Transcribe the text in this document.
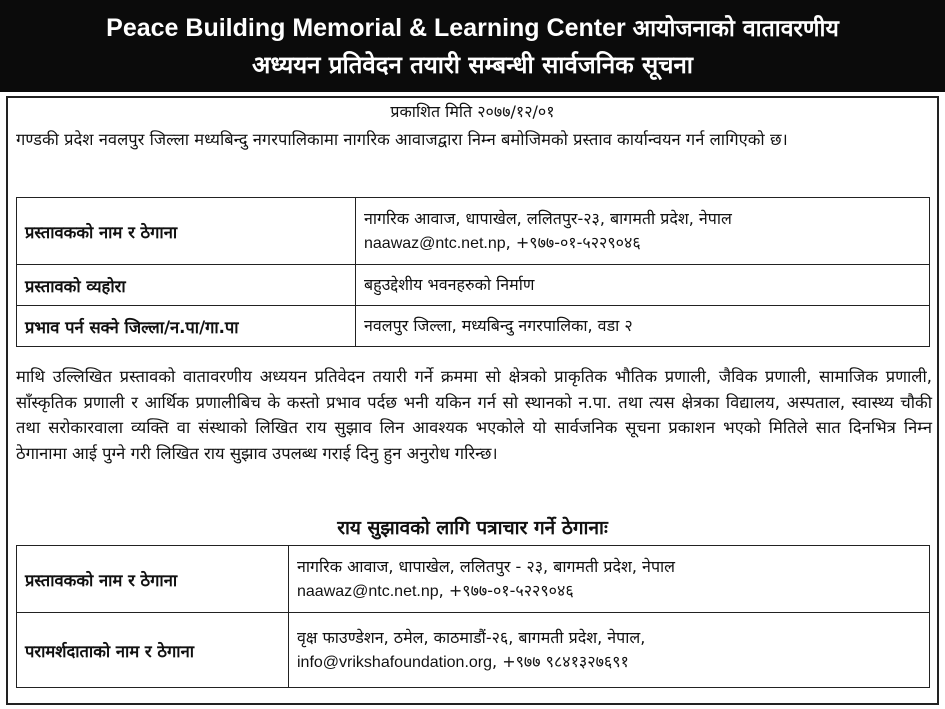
Peace Building Memorial & Learning Center आयोजनाको वातावरणीय
अध्ययन प्रतिवेदन तयारी सम्बन्धी सार्वजनिक सूचना
प्रकाशित मिति २०७७/१२/०१

गण्डकी प्रदेश नवलपुर जिल्ला मध्यबिन्दु नगरपालिकामा नागरिक आवाजद्वारा निम्न बमोजिमको प्रस्ताव कार्यान्वयन गर्न लागिएको छ।

प्रस्तावकको नाम र ठेगाना	नागरिक आवाज, धापाखेल, ललितपुर-२३, बागमती प्रदेश, नेपाल
naawaz@ntc.net.np, +९७७-०१-५२२९०४६

प्रस्तावको व्यहोरा	बहुउद्देशीय भवनहरुको निर्माण
प्रभाव पर्न सक्ने जिल्ला/न.पा/गा.पा	नवलपुर जिल्ला, मध्यबिन्दु नगरपालिका, वडा २

माथि उल्लिखित प्रस्तावको वातावरणीय अध्ययन प्रतिवेदन तयारी गर्ने क्रममा सो क्षेत्रको प्राकृतिक भौतिक प्रणाली, जैविक प्रणाली, सामाजिक प्रणाली, साँस्कृतिक प्रणाली र आर्थिक प्रणालीबिच के कस्तो प्रभाव पर्दछ भनी यकिन गर्न सो स्थानको न.पा. तथा त्यस क्षेत्रका विद्यालय, अस्पताल, स्वास्थ्य चौकी तथा सरोकारवाला व्यक्ति वा संस्थाको लिखित राय सुझाव लिन आवश्यक भएकोले यो सार्वजनिक सूचना प्रकाशन भएको मितिले सात दिनभित्र निम्न ठेगानामा आई पुग्ने गरी लिखित राय सुझाव उपलब्ध गराई दिनु हुन अनुरोध गरिन्छ।

राय सुझावको लागि पत्राचार गर्ने ठेगानाः
प्रस्तावकको नाम र ठेगाना	नागरिक आवाज, धापाखेल, ललितपुर - २३, बागमती प्रदेश, नेपाल
naawaz@ntc.net.np, +९७७-०१-५२२९०४६

परामर्शदाताको नाम र ठेगाना	वृक्ष फाउण्डेशन, ठमेल, काठमाडौं-२६, बागमती प्रदेश, नेपाल,
info@vrikshafoundation.org, +९७७ ९८४१३२७६९१
